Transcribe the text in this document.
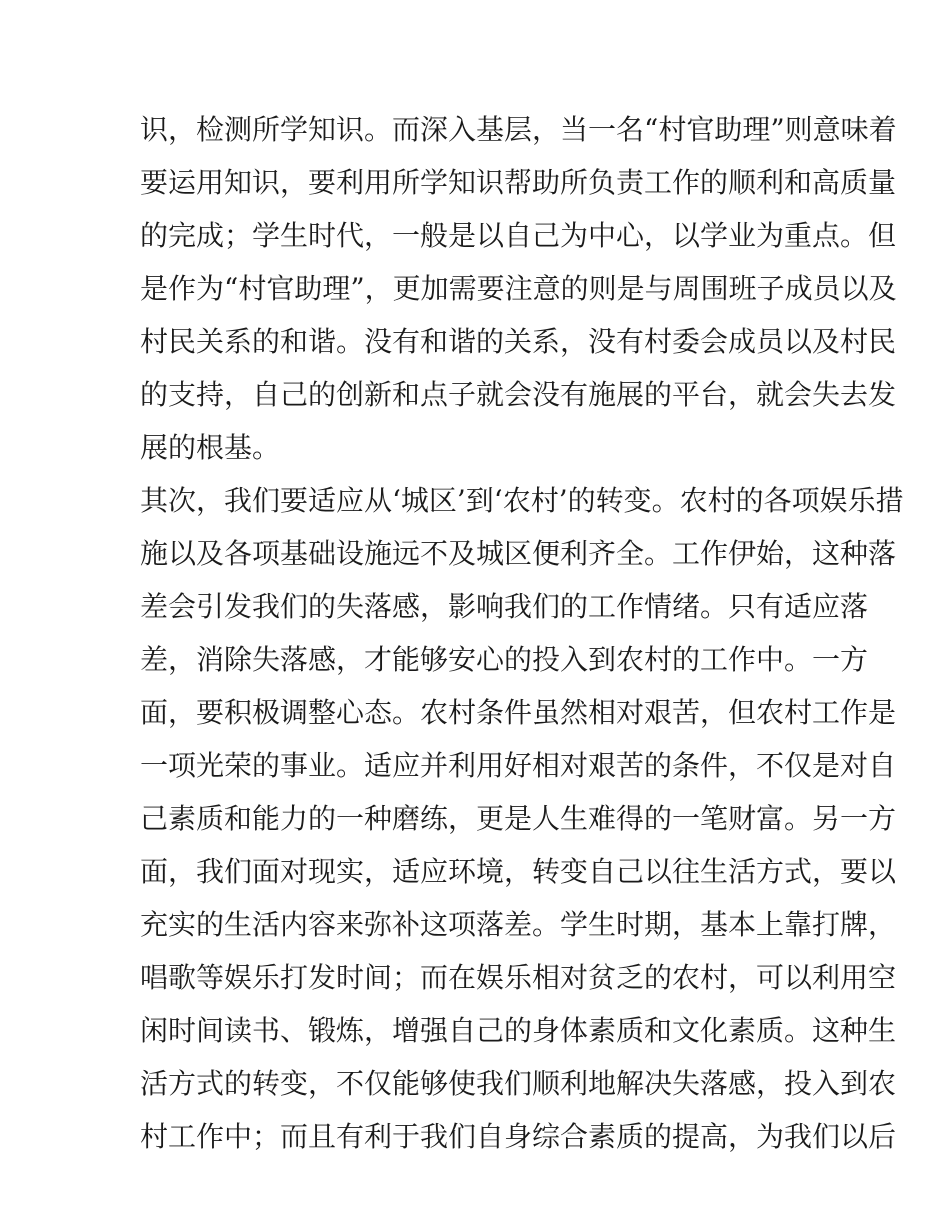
识，检测所学知识。而深入基层，当一名“村官助理”则意味着
要运用知识，要利用所学知识帮助所负责工作的顺利和高质量
的完成；学生时代，一般是以自己为中心，以学业为重点。但
是作为“村官助理”，更加需要注意的则是与周围班子成员以及
村民关系的和谐。没有和谐的关系，没有村委会成员以及村民
的支持，自己的创新和点子就会没有施展的平台，就会失去发
展的根基。
其次，我们要适应从‘城区’到‘农村’的转变。农村的各项娱乐措
施以及各项基础设施远不及城区便利齐全。工作伊始，这种落
差会引发我们的失落感，影响我们的工作情绪。只有适应落
差，消除失落感，才能够安心的投入到农村的工作中。一方
面，要积极调整心态。农村条件虽然相对艰苦，但农村工作是
一项光荣的事业。适应并利用好相对艰苦的条件，不仅是对自
己素质和能力的一种磨练，更是人生难得的一笔财富。另一方
面，我们面对现实，适应环境，转变自己以往生活方式，要以
充实的生活内容来弥补这项落差。学生时期，基本上靠打牌，
唱歌等娱乐打发时间；而在娱乐相对贫乏的农村，可以利用空
闲时间读书、锻炼，增强自己的身体素质和文化素质。这种生
活方式的转变，不仅能够使我们顺利地解决失落感，投入到农
村工作中；而且有利于我们自身综合素质的提高，为我们以后
